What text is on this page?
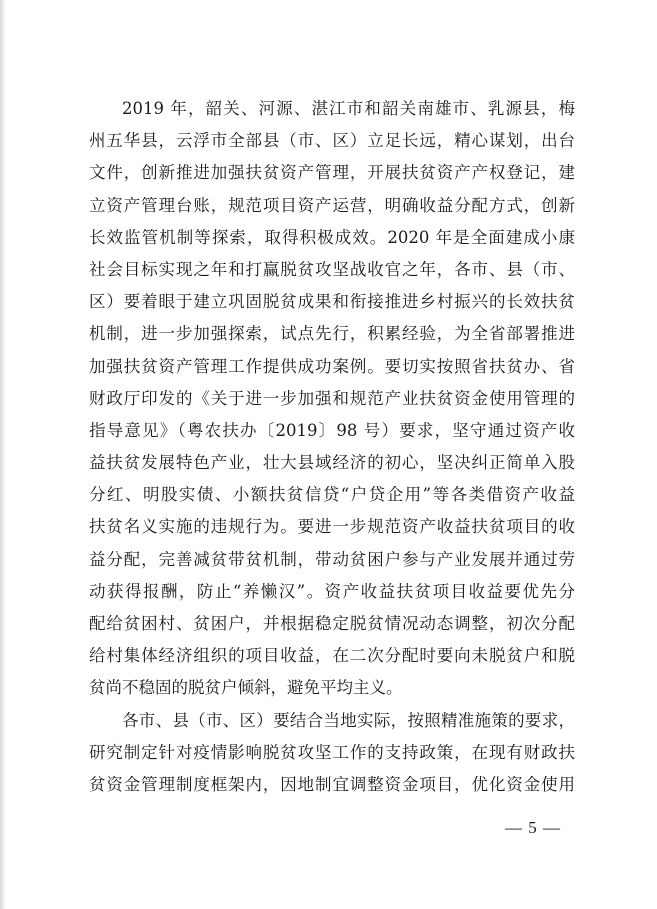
2019 年，韶关、河源、湛江市和韶关南雄市、乳源县，梅
州五华县，云浮市全部县（市、区）立足长远，精心谋划，出台
文件，创新推进加强扶贫资产管理，开展扶贫资产产权登记，建
立资产管理台账，规范项目资产运营，明确收益分配方式，创新
长效监管机制等探索，取得积极成效。2020 年是全面建成小康
社会目标实现之年和打赢脱贫攻坚战收官之年，各市、县（市、
区）要着眼于建立巩固脱贫成果和衔接推进乡村振兴的长效扶贫
机制，进一步加强探索，试点先行，积累经验，为全省部署推进
加强扶贫资产管理工作提供成功案例。要切实按照省扶贫办、省
财政厅印发的《关于进一步加强和规范产业扶贫资金使用管理的
指导意见》（粤农扶办〔2019〕98 号）要求，坚守通过资产收
益扶贫发展特色产业，壮大县域经济的初心，坚决纠正简单入股
分红、明股实债、小额扶贫信贷“户贷企用”等各类借资产收益
扶贫名义实施的违规行为。要进一步规范资产收益扶贫项目的收
益分配，完善减贫带贫机制，带动贫困户参与产业发展并通过劳
动获得报酬，防止“养懒汉”。资产收益扶贫项目收益要优先分
配给贫困村、贫困户，并根据稳定脱贫情况动态调整，初次分配
给村集体经济组织的项目收益，在二次分配时要向未脱贫户和脱
贫尚不稳固的脱贫户倾斜，避免平均主义。
各市、县（市、区）要结合当地实际，按照精准施策的要求，
研究制定针对疫情影响脱贫攻坚工作的支持政策，在现有财政扶
贫资金管理制度框架内，因地制宜调整资金项目，优化资金使用
— 5 —
